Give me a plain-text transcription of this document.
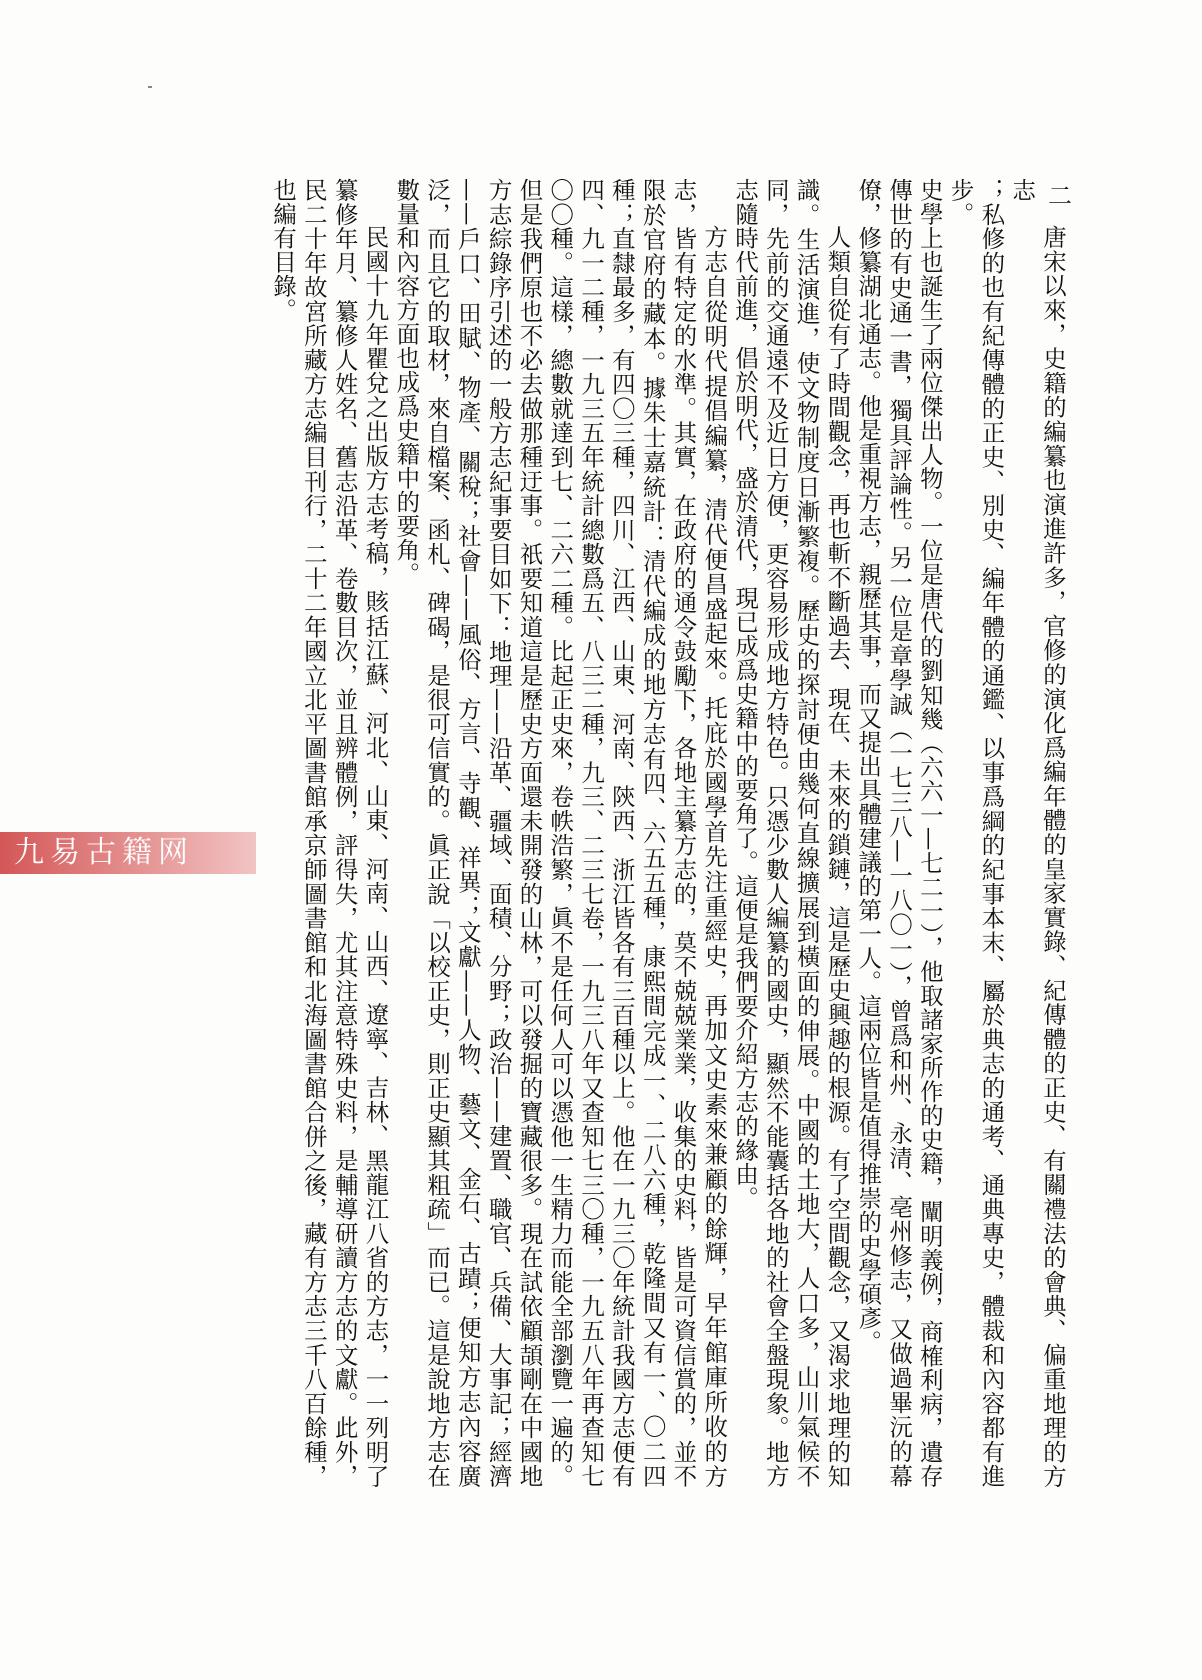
二

唐宋以來，史籍的編纂也演進許多，官修的演化爲編年體的皇家實錄、紀傳體的正史、有關禮法的會典、偏重地理的方志

；私修的也有紀傳體的正史、別史、編年體的通鑑、以事爲綱的紀事本末、屬於典志的通考、通典專史，體裁和內容都有進步。

史學上也誕生了兩位傑出人物。一位是唐代的劉知幾（六六一—七二一），他取諸家所作的史籍，闡明義例，商榷利病，遺存傳世的有史通一書，獨具評論性。另一位是章學誠（一七三八—一八〇一），曾爲和州、永清、亳州修志，又做過畢沅的幕僚，修纂湖北通志。他是重視方志，親歷其事，而又提出具體建議的第一人。這兩位皆是值得推崇的史學碩彥。

人類自從有了時間觀念，再也斬不斷過去、現在、未來的鎖鏈，這是歷史興趣的根源。有了空間觀念，又渴求地理的知識。生活演進，使文物制度日漸繁複。歷史的探討便由幾何直線擴展到橫面的伸展。中國的土地大，人口多，山川氣候不同，先前的交通遠不及近日方便，更容易形成地方特色。只憑少數人編纂的國史，顯然不能囊括各地的社會全盤現象。地方志隨時代前進，倡於明代，盛於清代，現已成爲史籍中的要角了。這便是我們要介紹方志的緣由。

方志自從明代提倡編纂，清代便昌盛起來。托庇於國學首先注重經史，再加文史素來兼顧的餘輝，早年館庫所收的方志，皆有特定的水準。其實，在政府的通令鼓勵下，各地主纂方志的，莫不兢兢業業，收集的史料，皆是可資信賞的，並不限於官府的藏本。據朱士嘉統計：清代編成的地方志有四、六五五種，康熙間完成一、二八六種，乾隆間又有一、〇二四種；直隸最多，有四〇三種，四川、江西、山東、河南、陝西、浙江皆各有三百種以上。他在一九三〇年統計我國方志便有四、九一二種，一九三五年統計總數爲五、八三二種，九三、二三七卷，一九三八年又查知七三〇種，一九五八年再查知七〇〇種。這樣，總數就達到七、二六二種。比起正史來，卷帙浩繁，眞不是任何人可以憑他一生精力而能全部瀏覽一遍的。但是我們原也不必去做那種迂事。祇要知道這是歷史方面還未開發的山林，可以發掘的寶藏很多。現在試依顧頡剛在中國地方志綜錄序引述的一般方志紀事要目如下：地理——沿革、疆域、面積、分野；政治——建置、職官、兵備、大事記；經濟——戶口、田賦、物產、關稅；社會——風俗、方言、寺觀、祥異；文獻——人物、藝文、金石、古蹟；便知方志內容廣泛，而且它的取材，來自檔案、函札、碑碣，是很可信實的。眞正說「以校正史，則正史顯其粗疏」而已。這是說地方志在數量和內容方面也成爲史籍中的要角。

民國十九年瞿兌之出版方志考稿，賅括江蘇、河北、山東、河南、山西、遼寧、吉林、黑龍江八省的方志，一一列明了纂修年月、纂修人姓名、舊志沿革、卷數目次，並且辨體例，評得失，尤其注意特殊史料，是輔導研讀方志的文獻。此外，民二十年故宮所藏方志編目刊行，二十二年國立北平圖書館承京師圖書館和北海圖書館合併之後，藏有方志三千八百餘種，也編有目錄。

九易古籍网
